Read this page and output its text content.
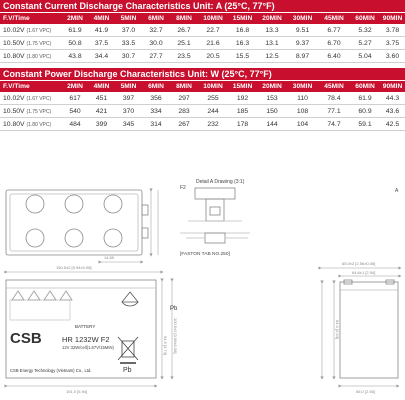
Constant Current Discharge Characteristics Unit: A (25°C, 77°F)
F.V/Time	2MIN	4MIN	5MIN	6MIN	8MIN	10MIN	15MIN	20MIN	30MIN	45MIN	60MIN	90MIN
10.02V (1.67 VPC)	61.9	41.9	37.0	32.7	26.7	22.7	16.8	13.3	9.51	6.77	5.32	3.78
10.50V (1.75 VPC)	50.8	37.5	33.5	30.0	25.1	21.6	16.3	13.1	9.37	6.70	5.27	3.75
10.80V (1.80 VPC)	43.8	34.4	30.7	27.7	23.5	20.5	15.5	12.5	8.97	6.40	5.04	3.60
Constant Power Discharge Characteristics Unit: W (25°C, 77°F)
F.V/Time	2MIN	4MIN	5MIN	6MIN	8MIN	10MIN	15MIN	20MIN	30MIN	45MIN	60MIN	90MIN
10.02V (1.67 VPC)	617	451	397	356	297	255	192	153	110	78.4	61.9	44.3
10.50V (1.75 VPC)	540	421	370	334	283	244	185	150	108	77.1	60.9	43.6
10.80V (1.80 VPC)	484	399	345	314	267	232	178	144	104	74.7	59.1	42.5
14.85
Detail A Drawing (3:1)
F2
[FASTON TAB NO.250]
150.5±2 [5.94±0.08]
151.0 [5.94]
94.5 [3.74] 100.5±2 [3.96±0.08]
CSB
BATTERY
HR 1232W F2
12V 32W/cell(1.67V/15MIN)
CSB Energy Technology (Vietnam) Co., Ltd.	Pb
Pb
65.0±2 [2.56±0.08]
64.6±1 [2.54]
65.0 [2.56]
64.4 [2.54]
A
